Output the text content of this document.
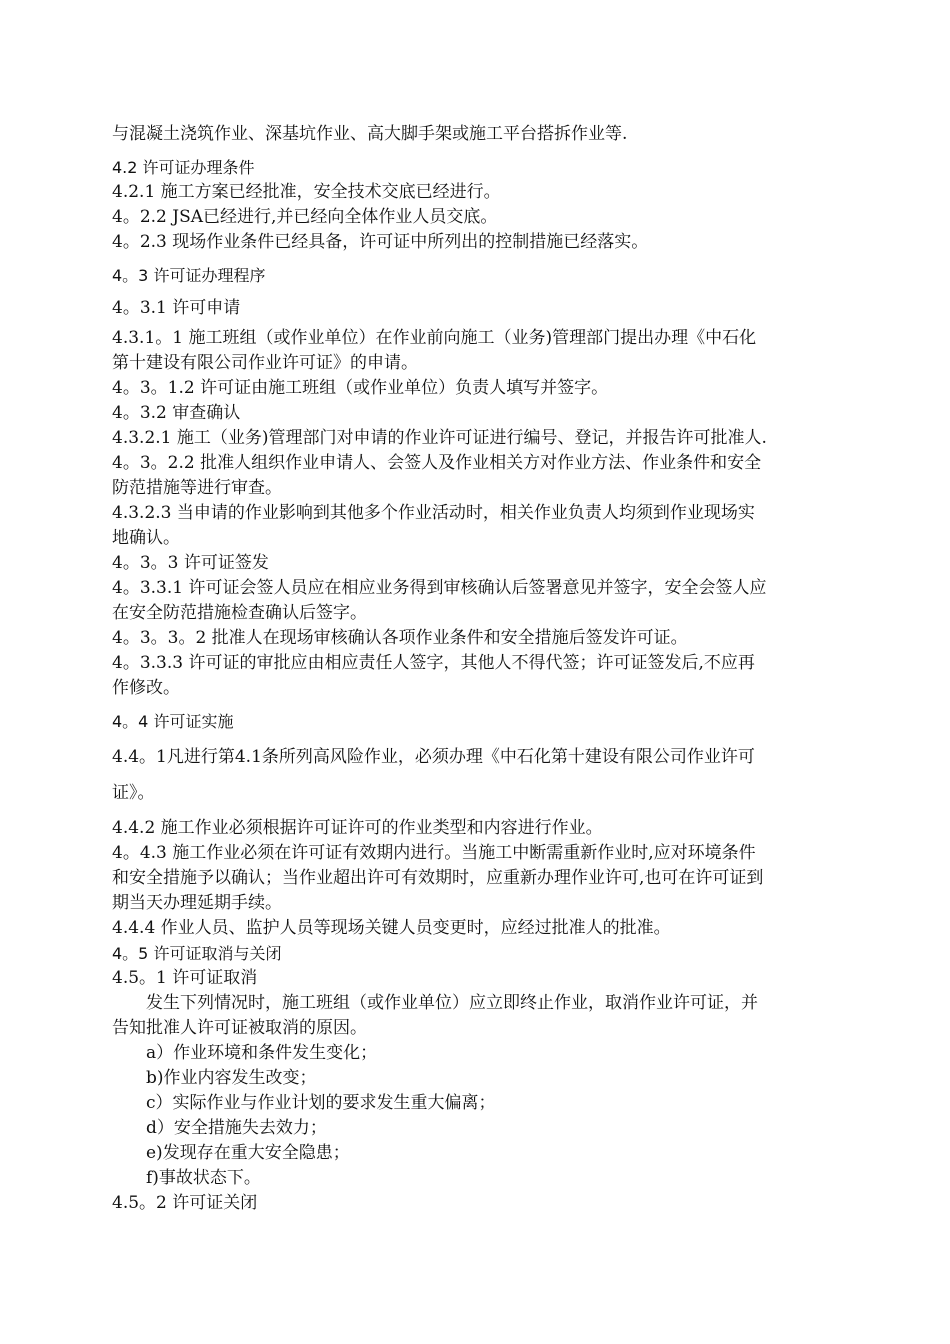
与混凝土浇筑作业、深基坑作业、高大脚手架或施工平台搭拆作业等.
4.2 许可证办理条件
4.2.1 施工方案已经批准，安全技术交底已经进行。
4。2.2 JSA已经进行,并已经向全体作业人员交底。
4。2.3 现场作业条件已经具备，许可证中所列出的控制措施已经落实。
4。3 许可证办理程序
4。3.1 许可申请
4.3.1。1 施工班组（或作业单位）在作业前向施工（业务)管理部门提出办理《中石化
第十建设有限公司作业许可证》的申请。
4。3。1.2 许可证由施工班组（或作业单位）负责人填写并签字。
4。3.2 审查确认
4.3.2.1 施工（业务)管理部门对申请的作业许可证进行编号、登记，并报告许可批准人.
4。3。2.2 批准人组织作业申请人、会签人及作业相关方对作业方法、作业条件和安全
防范措施等进行审查。
4.3.2.3 当申请的作业影响到其他多个作业活动时，相关作业负责人均须到作业现场实
地确认。
4。3。3 许可证签发
4。3.3.1 许可证会签人员应在相应业务得到审核确认后签署意见并签字，安全会签人应
在安全防范措施检查确认后签字。
4。3。3。2 批准人在现场审核确认各项作业条件和安全措施后签发许可证。
4。3.3.3 许可证的审批应由相应责任人签字，其他人不得代签；许可证签发后,不应再
作修改。
4。4 许可证实施
4.4。1凡进行第4.1条所列高风险作业，必须办理《中石化第十建设有限公司作业许可
证》。
4.4.2 施工作业必须根据许可证许可的作业类型和内容进行作业。
4。4.3 施工作业必须在许可证有效期内进行。当施工中断需重新作业时,应对环境条件
和安全措施予以确认；当作业超出许可有效期时，应重新办理作业许可,也可在许可证到
期当天办理延期手续。
4.4.4 作业人员、监护人员等现场关键人员变更时，应经过批准人的批准。
4。5 许可证取消与关闭
4.5。1 许可证取消
发生下列情况时，施工班组（或作业单位）应立即终止作业，取消作业许可证，并
告知批准人许可证被取消的原因。
a）作业环境和条件发生变化；
b)作业内容发生改变；
c）实际作业与作业计划的要求发生重大偏离；
d）安全措施失去效力；
e)发现存在重大安全隐患；
f)事故状态下。
4.5。2 许可证关闭
